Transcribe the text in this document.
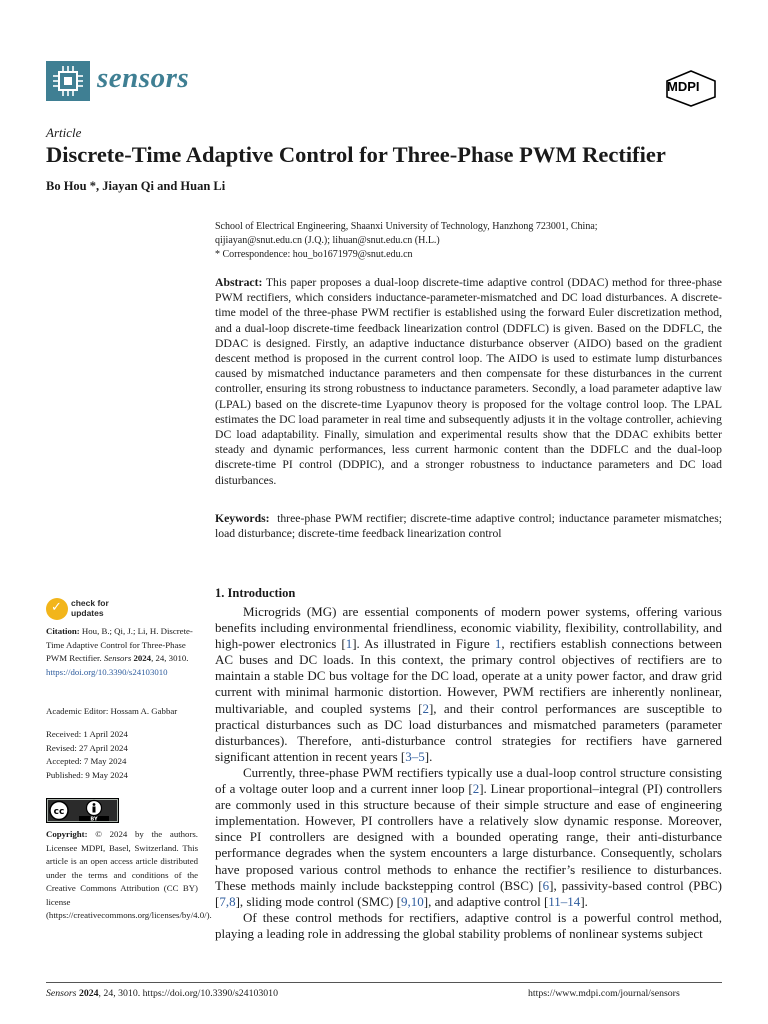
sensors	MDPI
Article
Discrete-Time Adaptive Control for Three-Phase PWM Rectifier
Bo Hou *, Jiayan Qi and Huan Li
School of Electrical Engineering, Shaanxi University of Technology, Hanzhong 723001, China;
qijiayan@snut.edu.cn (J.Q.); lihuan@snut.edu.cn (H.L.)
* Correspondence: hou_bo1671979@snut.edu.cn
Abstract: This paper proposes a dual-loop discrete-time adaptive control (DDAC) method for three-phase PWM rectifiers, which considers inductance-parameter-mismatched and DC load disturbances. A discrete-time model of the three-phase PWM rectifier is established using the forward Euler discretization method, and a dual-loop discrete-time feedback linearization control (DDFLC) is given. Based on the DDFLC, the DDAC is designed. Firstly, an adaptive inductance disturbance observer (AIDO) based on the gradient descent method is proposed in the current control loop. The AIDO is used to estimate lump disturbances caused by mismatched inductance parameters and then compensate for these disturbances in the current controller, ensuring its strong robustness to inductance parameters. Secondly, a load parameter adaptive law (LPAL) based on the discrete-time Lyapunov theory is proposed for the voltage control loop. The LPAL estimates the DC load parameter in real time and subsequently adjusts it in the voltage controller, achieving DC load adaptability. Finally, simulation and experimental results show that the DDAC exhibits better steady and dynamic performances, less current harmonic content than the DDFLC and the dual-loop discrete-time PI control (DDPIC), and a stronger robustness to inductance parameters and DC load disturbances.
Keywords: three-phase PWM rectifier; discrete-time adaptive control; inductance parameter mismatches; load disturbance; discrete-time feedback linearization control
1. Introduction

Microgrids (MG) are essential components of modern power systems, offering various benefits including environmental friendliness, economic viability, flexibility, controllability, and high-power electronics [1]. As illustrated in Figure 1, rectifiers establish connections between AC buses and DC loads. In this context, the primary control objectives of rectifiers are to maintain a stable DC bus voltage for the DC load, operate at a unity power factor, and draw grid current with minimal harmonic distortion. However, PWM rectifiers are inherently nonlinear, multivariable, and coupled systems [2], and their control performances are susceptible to practical disturbances such as DC load disturbances and mismatched parameters (parameter disturbances). Therefore, anti-disturbance control strategies for rectifiers have garnered significant attention in recent years [3–5].

Currently, three-phase PWM rectifiers typically use a dual-loop control structure consisting of a voltage outer loop and a current inner loop [2]. Linear proportional–integral (PI) controllers are commonly used in this structure because of their simple structure and ease of engineering implementation. However, PI controllers have a relatively slow dynamic response. Moreover, since PI controllers are designed with a bounded operating range, their anti-disturbance performance degrades when the system encounters a large disturbance. Consequently, scholars have proposed various control methods to enhance the rectifier’s resilience to disturbances. These methods mainly include backstepping control (BSC) [6], passivity-based control (PBC) [7,8], sliding mode control (SMC) [9,10], and adaptive control [11–14].

Of these control methods for rectifiers, adaptive control is a powerful control method, playing a leading role in addressing the global stability problems of nonlinear systems subject

✓ check for updates
Citation: Hou, B.; Qi, J.; Li, H. Discrete-Time Adaptive Control for Three-Phase PWM Rectifier. Sensors 2024, 24, 3010. https://doi.org/10.3390/s24103010
Academic Editor: Hossam A. Gabbar
Received: 1 April 2024
Revised: 27 April 2024
Accepted: 7 May 2024
Published: 9 May 2024
cc
BY
Copyright: © 2024 by the authors. Licensee MDPI, Basel, Switzerland. This article is an open access article distributed under the terms and conditions of the Creative Commons Attribution (CC BY) license (https://creativecommons.org/licenses/by/4.0/).
Sensors 2024, 24, 3010. https://doi.org/10.3390/s24103010	https://www.mdpi.com/journal/sensors
